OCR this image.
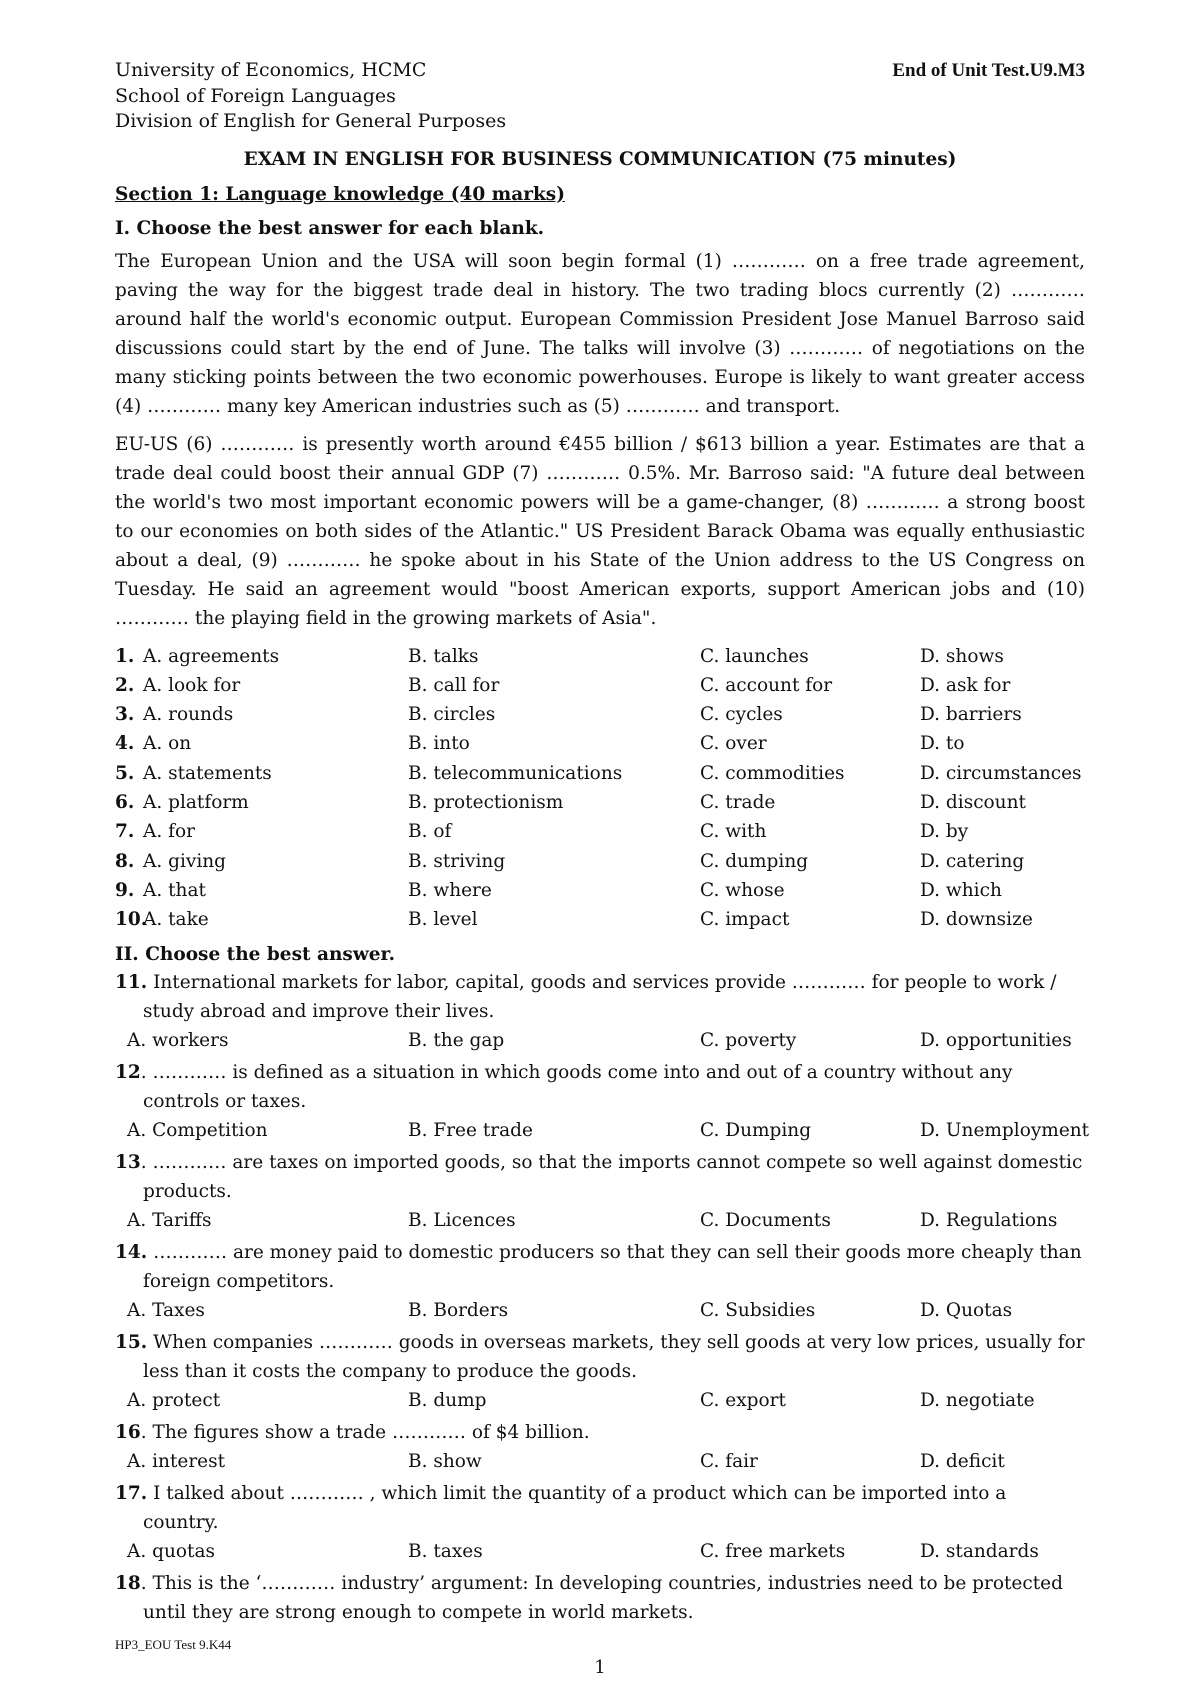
University of Economics, HCMC
School of Foreign Languages
Division of English for General Purposes
End of Unit Test.U9.M3
EXAM IN ENGLISH FOR BUSINESS COMMUNICATION (75 minutes)
Section 1: Language knowledge (40 marks)
I. Choose the best answer for each blank.
The European Union and the USA will soon begin formal (1) ………… on a free trade agreement, paving the way for the biggest trade deal in history. The two trading blocs currently (2) ………… around half the world's economic output. European Commission President Jose Manuel Barroso said discussions could start by the end of June. The talks will involve (3) ………… of negotiations on the many sticking points between the two economic powerhouses. Europe is likely to want greater access (4) ………… many key American industries such as (5) ………… and transport.
EU-US (6) ………… is presently worth around €455 billion / $613 billion a year. Estimates are that a trade deal could boost their annual GDP (7) ………… 0.5%. Mr. Barroso said: "A future deal between the world's two most important economic powers will be a game-changer, (8) ………… a strong boost to our economies on both sides of the Atlantic." US President Barack Obama was equally enthusiastic about a deal, (9) ………… he spoke about in his State of the Union address to the US Congress on Tuesday. He said an agreement would "boost American exports, support American jobs and (10) ………… the playing field in the growing markets of Asia".
1. A. agreements	B. talks	C. launches	D. shows
2. A. look for	B. call for	C. account for	D. ask for
3. A. rounds	B. circles	C. cycles	D. barriers
4. A. on	B. into	C. over	D. to
5. A. statements	B. telecommunications	C. commodities	D. circumstances
6. A. platform	B. protectionism	C. trade	D. discount
7. A. for	B. of	C. with	D. by
8. A. giving	B. striving	C. dumping	D. catering
9. A. that	B. where	C. whose	D. which
10.
A. take	B. level	C. impact	D. downsize
II. Choose the best answer.
11. International markets for labor, capital, goods and services provide ………… for people to work / study abroad and improve their lives.
A. workers	B. the gap	C. poverty	D. opportunities
12. ………… is defined as a situation in which goods come into and out of a country without any controls or taxes.
A. Competition	B. Free trade	C. Dumping	D. Unemployment
13. ………… are taxes on imported goods, so that the imports cannot compete so well against domestic products.
A. Tariffs	B. Licences	C. Documents	D. Regulations
14. ………… are money paid to domestic producers so that they can sell their goods more cheaply than foreign competitors.
A. Taxes	B. Borders	C. Subsidies	D. Quotas
15. When companies ………… goods in overseas markets, they sell goods at very low prices, usually for less than it costs the company to produce the goods.
A. protect	B. dump	C. export	D. negotiate
16. The figures show a trade ………… of $4 billion.
A. interest	B. show	C. fair	D. deficit
17. I talked about ………… , which limit the quantity of a product which can be imported into a country.
A. quotas	B. taxes	C. free markets	D. standards
18. This is the ‘………… industry’ argument: In developing countries, industries need to be protected until they are strong enough to compete in world markets.
HP3_EOU Test 9.K44
1
